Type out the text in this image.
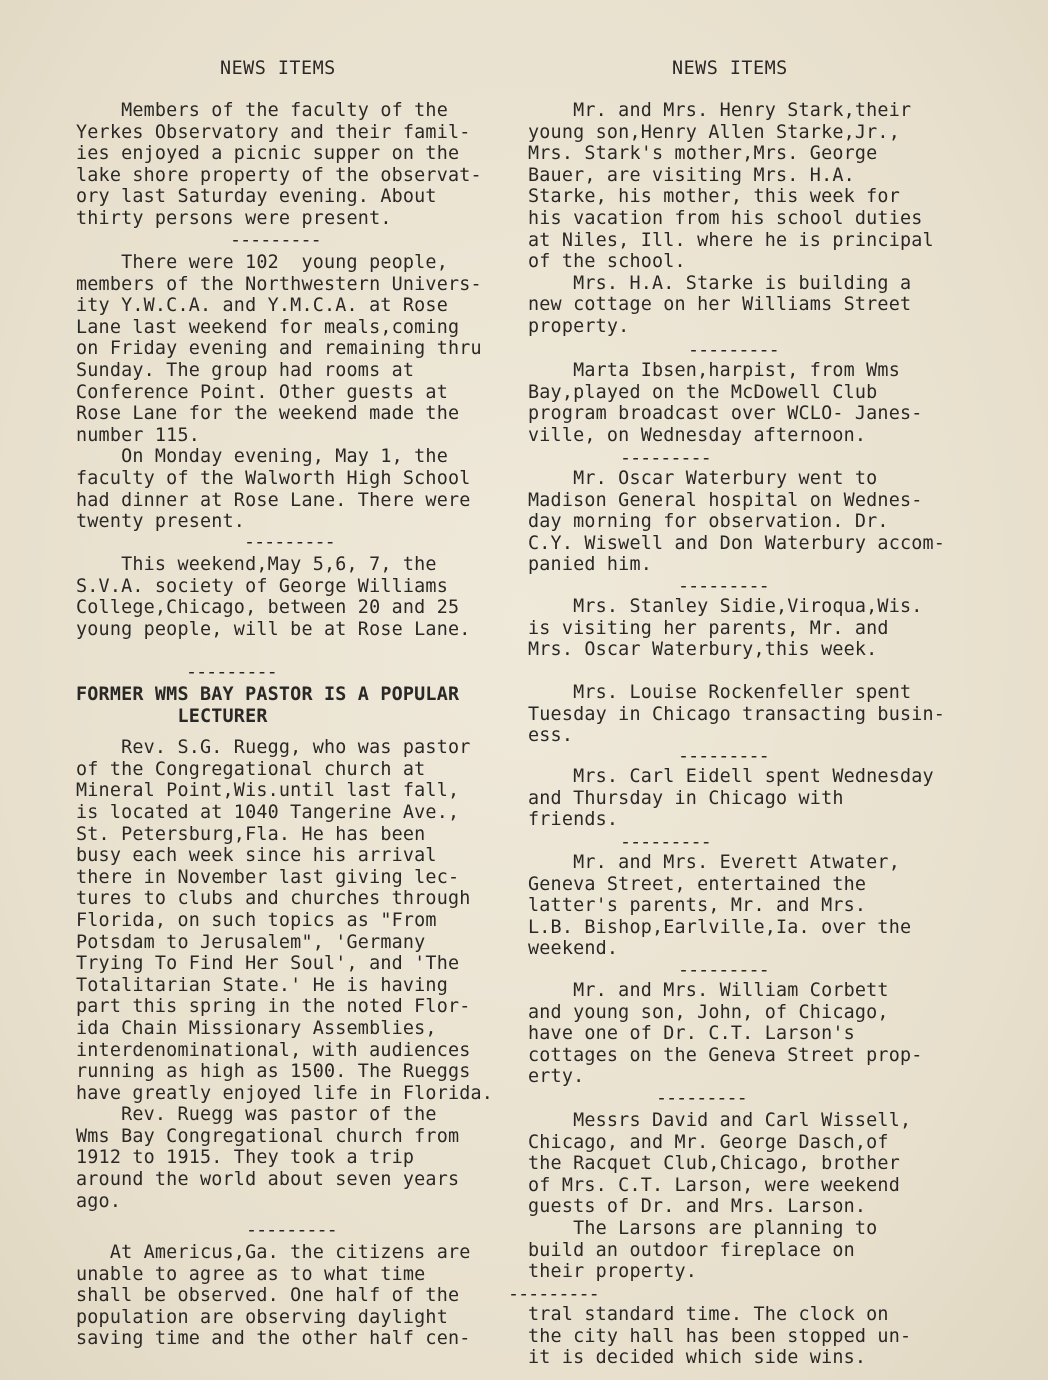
NEWS ITEMS	NEWS ITEMS

Members of the faculty of the
Yerkes Observatory and their famil-
ies enjoyed a picnic supper on the
lake shore property of the observat-
ory last Saturday evening. About
thirty persons were present.

---------

There were 102  young people,
members of the Northwestern Univers-
ity Y.W.C.A. and Y.M.C.A. at Rose
Lane last weekend for meals,coming
on Friday evening and remaining thru
Sunday. The group had rooms at
Conference Point. Other guests at
Rose Lane for the weekend made the
number 115.
On Monday evening, May 1, the
faculty of the Walworth High School
had dinner at Rose Lane. There were
twenty present.

---------

This weekend,May 5,6, 7, the
S.V.A. society of George Williams
College,Chicago, between 20 and 25
young people, will be at Rose Lane.

---------

FORMER WMS BAY PASTOR IS A POPULAR
LECTURER
Rev. S.G. Ruegg, who was pastor
of the Congregational church at
Mineral Point,Wis.until last fall,
is located at 1040 Tangerine Ave.,
St. Petersburg,Fla. He has been
busy each week since his arrival
there in November last giving lec-
tures to clubs and churches through
Florida, on such topics as "From
Potsdam to Jerusalem", 'Germany
Trying To Find Her Soul', and 'The
Totalitarian State.' He is having
part this spring in the noted Flor-
ida Chain Missionary Assemblies,
interdenominational, with audiences
running as high as 1500. The Rueggs
have greatly enjoyed life in Florida.
Rev. Ruegg was pastor of the
Wms Bay Congregational church from
1912 to 1915. They took a trip
around the world about seven years
ago.

---------

At Americus,Ga. the citizens are
unable to agree as to what time
shall be observed. One half of the
population are observing daylight
saving time and the other half cen-

Mr. and Mrs. Henry Stark,their
young son,Henry Allen Starke,Jr.,
Mrs. Stark's mother,Mrs. George
Bauer, are visiting Mrs. H.A.
Starke, his mother, this week for
his vacation from his school duties
at Niles, Ill. where he is principal
of the school.
Mrs. H.A. Starke is building a
new cottage on her Williams Street
property.

---------

Marta Ibsen,harpist, from Wms
Bay,played on the McDowell Club
program broadcast over WCLO- Janes-
ville, on Wednesday afternoon.

---------

Mr. Oscar Waterbury went to
Madison General hospital on Wednes-
day morning for observation. Dr.
C.Y. Wiswell and Don Waterbury accom-
panied him.

---------

Mrs. Stanley Sidie,Viroqua,Wis.
is visiting her parents, Mr. and
Mrs. Oscar Waterbury,this week.

Mrs. Louise Rockenfeller spent
Tuesday in Chicago transacting busin-
ess.

---------

Mrs. Carl Eidell spent Wednesday
and Thursday in Chicago with
friends.

---------

Mr. and Mrs. Everett Atwater,
Geneva Street, entertained the
latter's parents, Mr. and Mrs.
L.B. Bishop,Earlville,Ia. over the
weekend.

---------

Mr. and Mrs. William Corbett
and young son, John, of Chicago,
have one of Dr. C.T. Larson's
cottages on the Geneva Street prop-
erty.

---------

Messrs David and Carl Wissell,
Chicago, and Mr. George Dasch,of
the Racquet Club,Chicago, brother
of Mrs. C.T. Larson, were weekend
guests of Dr. and Mrs. Larson.
The Larsons are planning to
build an outdoor fireplace on
their property.

---------

tral standard time. The clock on
the city hall has been stopped un-
it is decided which side wins.
